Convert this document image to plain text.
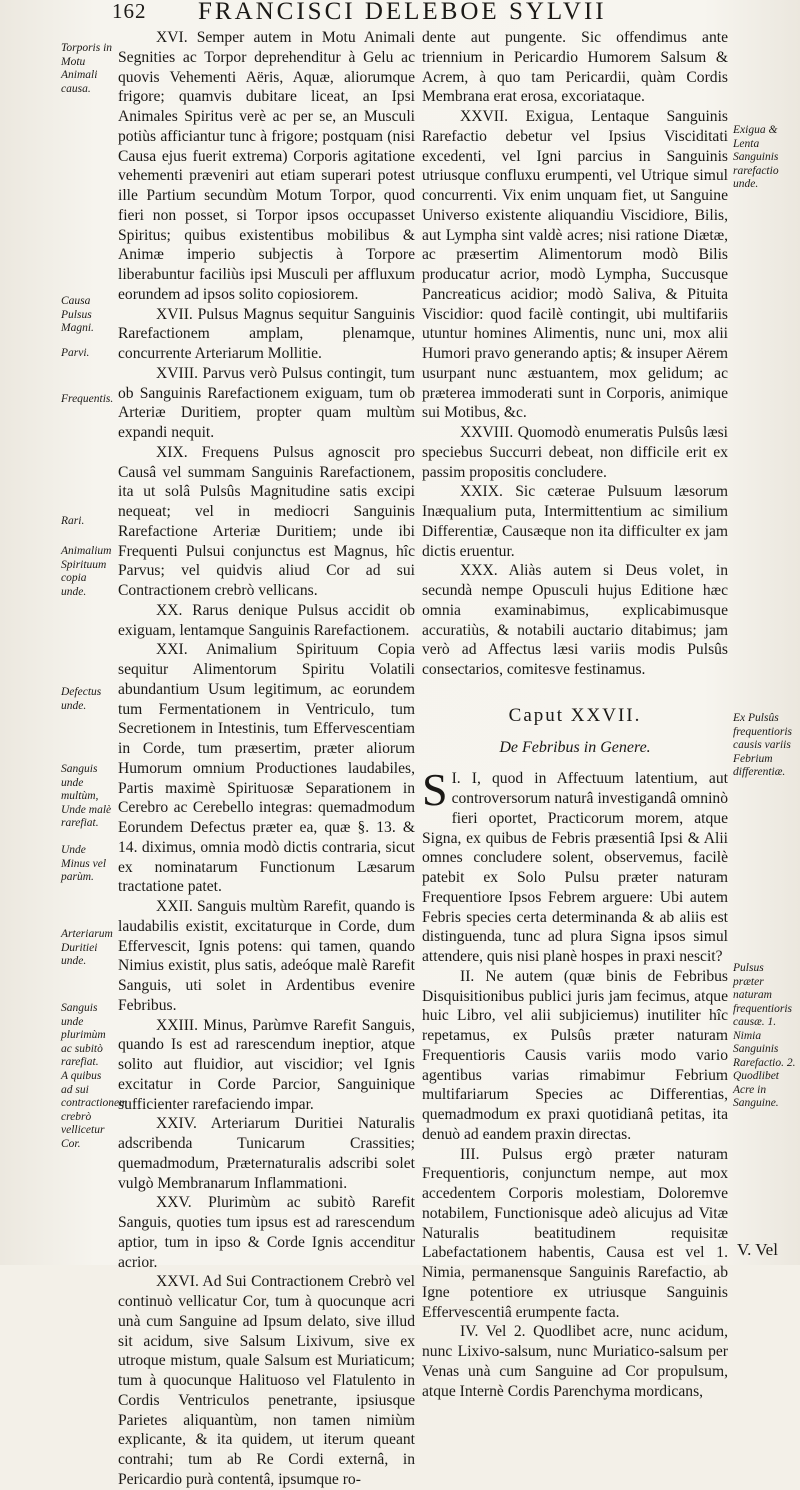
162 FRANCISCI DELEBOE SYLVII

XVI. Semper autem in Motu Animali Segnities ac Torpor deprehenditur à Gelu ac quovis Vehementi Aëris, Aquæ, aliorumque frigore; quamvis dubitare liceat, an Ipsi Animales Spiritus verè ac per se, an Musculi potiùs afficiantur tunc à frigore; postquam (nisi Causa ejus fuerit extrema) Corporis agitatione vehementi præveniri aut etiam superari potest ille Partium secundùm Motum Torpor, quod fieri non posset, si Torpor ipsos occupasset Spiritus; quibus existentibus mobilibus & Animæ imperio subjectis à Torpore liberabuntur faciliùs ipsi Musculi per affluxum eorundem ad ipsos solito copiosiorem.

XVII. Pulsus Magnus sequitur Sanguinis Rarefactionem amplam, plenamque, concurrente Arteriarum Mollitie.

XVIII. Parvus verò Pulsus contingit, tum ob Sanguinis Rarefactionem exiguam, tum ob Arteriæ Duritiem, propter quam multùm expandi nequit.

XIX. Frequens Pulsus agnoscit pro Causâ vel summam Sanguinis Rarefactionem, ita ut solâ Pulsûs Magnitudine satis excipi nequeat; vel in mediocri Sanguinis Rarefactione Arteriæ Duritiem; unde ibi Frequenti Pulsui conjunctus est Magnus, hîc Parvus; vel quidvis aliud Cor ad sui Contractionem crebrò vellicans.

XX. Rarus denique Pulsus accidit ob exiguam, lentamque Sanguinis Rarefactionem.

XXI. Animalium Spirituum Copia sequitur Alimentorum Spiritu Volatili abundantium Usum legitimum, ac eorundem tum Fermentationem in Ventriculo, tum Secretionem in Intestinis, tum Effervescentiam in Corde, tum præsertim, præter aliorum Humorum omnium Productiones laudabiles, Partis maximè Spirituosæ Separationem in Cerebro ac Cerebello integras: quemadmodum Eorundem Defectus præter ea, quæ §. 13. & 14. diximus, omnia modò dictis contraria, sicut ex nominatarum Functionum Læsarum tractatione patet.

XXII. Sanguis multùm Rarefit, quando is laudabilis existit, excitaturque in Corde, dum Effervescit, Ignis potens: qui tamen, quando Nimius existit, plus satis, adeóque malè Rarefit Sanguis, uti solet in Ardentibus evenire Febribus.

XXIII. Minus, Parùmve Rarefit Sanguis, quando Is est ad rarescendum ineptior, atque solito aut fluidior, aut viscidior; vel Ignis excitatur in Corde Parcior, Sanguinique sufficienter rarefaciendo impar.

XXIV. Arteriarum Duritiei Naturalis adscribenda Tunicarum Crassities; quemadmodum, Præternaturalis adscribi solet vulgò Membranarum Inflammationi.

XXV. Plurimùm ac subitò Rarefit Sanguis, quoties tum ipsus est ad rarescendum aptior, tum in ipso & Corde Ignis accenditur acrior.

XXVI. Ad Sui Contractionem Crebrò vel continuò vellicatur Cor, tum à quocunque acri unà cum Sanguine ad Ipsum delato, sive illud sit acidum, sive Salsum Lixivum, sive ex utroque mistum, quale Salsum est Muriaticum; tum à quocunque Halituoso vel Flatulento in Cordis Ventriculos penetrante, ipsiusque Parietes aliquantùm, non tamen nimiùm explicante, & ita quidem, ut iterum queant contrahi; tum ab Re Cordi externâ, in Pericardio purà contentâ, ipsumque ro-

dente aut pungente. Sic offendimus ante triennium in Pericardio Humorem Salsum & Acrem, à quo tam Pericardii, quàm Cordis Membrana erat erosa, excoriataque.

XXVII. Exigua, Lentaque Sanguinis Rarefactio debetur vel Ipsius Visciditati excedenti, vel Igni parcius in Sanguinis utriusque confluxu erumpenti, vel Utrique simul concurrenti. Vix enim unquam fiet, ut Sanguine Universo existente aliquandiu Viscidiore, Bilis, aut Lympha sint valdè acres; nisi ratione Diætæ, ac præsertim Alimentorum modò Bilis producatur acrior, modò Lympha, Succusque Pancreaticus acidior; modò Saliva, & Pituita Viscidior: quod facilè contingit, ubi multifariis utuntur homines Alimentis, nunc uni, mox alii Humori pravo generando aptis; & insuper Aërem usurpant nunc æstuantem, mox gelidum; ac præterea immoderati sunt in Corporis, animique sui Motibus, &c.

XXVIII. Quomodò enumeratis Pulsûs læsi speciebus Succurri debeat, non difficile erit ex passim propositis concludere.

XXIX. Sic cæterae Pulsuum læsorum Inæqualium puta, Intermittentium ac similium Differentiæ, Causæque non ita difficulter ex jam dictis eruentur.

XXX. Aliàs autem si Deus volet, in secundà nempe Opusculi hujus Editione hæc omnia examinabimus, explicabimusque accuratiùs, & notabili auctario ditabimus; jam verò ad Affectus læsi variis modis Pulsûs consectarios, comitesve festinamus.

Caput XXVII.

De Febribus in Genere.

I.
S I, quod in Affectuum latentium, aut controversorum naturâ investigandâ omninò fieri oportet, Practicorum morem, atque Signa, ex quibus de Febris præsentiâ Ipsi & Alii omnes concludere solent, observemus, facilè patebit ex Solo Pulsu præter naturam Frequentiore Ipsos Febrem arguere: Ubi autem Febris species certa determinanda & ab aliis est distinguenda, tunc ad plura Signa ipsos simul attendere, quis nisi planè hospes in praxi nescit?

II. Ne autem (quæ binis de Febribus Disquisitionibus publici juris jam fecimus, atque huic Libro, vel alii subjiciemus) inutiliter hîc repetamus, ex Pulsûs præter naturam Frequentioris Causis variis modo vario agentibus varias rimabimur Febrium multifariarum Species ac Differentias, quemadmodum ex praxi quotidianâ petitas, ita denuò ad eandem praxin directas.

III. Pulsus ergò præter naturam Frequentioris, conjunctum nempe, aut mox accedentem Corporis molestiam, Doloremve notabilem, Functionisque adeò alicujus ad Vitæ Naturalis beatitudinem requisitæ Labefactationem habentis, Causa est vel 1. Nimia, permanensque Sanguinis Rarefactio, ab Igne potentiore ex utriusque Sanguinis Effervescentiâ erumpente facta.

IV. Vel 2. Quodlibet acre, nunc acidum, nunc Lixivo-salsum, nunc Muriatico-salsum per Venas unà cum Sanguine ad Cor propulsum, atque Internè Cordis Parenchyma mordicans,

Torporis in Motu Animali causa.
Causa Pulsus Magni.
Parvi.
Frequentis.
Rari.
Animalium Spirituum copia unde.
Defectus unde.
Sanguis unde multùm, Unde malè rarefiat.
Unde Minus vel parùm.
Arteriarum Duritiei unde.
Sanguis unde plurimùm ac subitò rarefiat.
A quibus ad sui contractionem crebrò vellicetur Cor.
Exigua & Lenta Sanguinis rarefactio unde.
Ex Pulsûs frequentioris causis variis Febrium differentiæ.
Pulsus præter naturam frequentioris causæ. 1. Nimia Sanguinis Rarefactio. 2. Quodlibet Acre in Sanguine.
V. Vel
